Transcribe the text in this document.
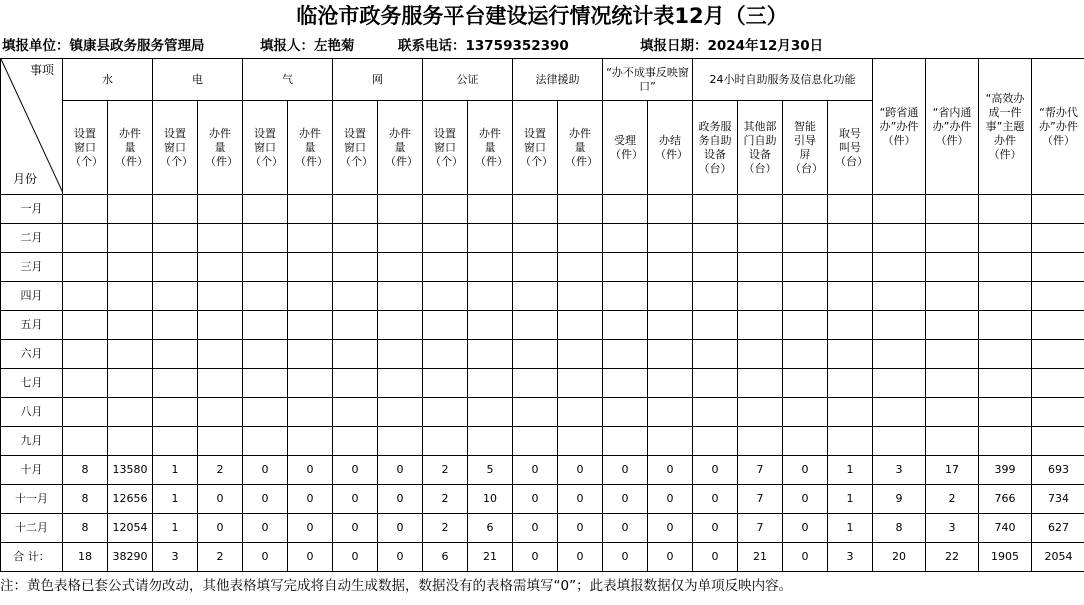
临沧市政务服务平台建设运行情况统计表12月（三）
填报单位：镇康县政务服务管理局	填报人：左艳菊	联系电话：13759352390	填报日期：2024年12月30日
事项
月份	水		电		气		网		公证		法律援助		“办不成事反映窗口”		24小时自助服务及信息化功能				“跨省通办”办件（件）	“省内通办”办件（件）	“高效办成一件事”主题办件（件）	“帮办代办”办件（件）
	设置窗口（个）	办件量（件）	设置窗口（个）	办件量（件）	设置窗口（个）	办件量（件）	设置窗口（个）	办件量（件）	设置窗口（个）	办件量（件）	设置窗口（个）	办件量（件）	受理（件）	办结（件）	政务服务自助设备（台）	其他部门自助设备（台）	智能引导屏（台）	取号叫号（台）				
一月																						
二月																						
三月																						
四月																						
五月																						
六月																						
七月																						
八月																						
九月																						
十月	8	13580	1	2	0	0	0	0	2	5	0	0	0	0	0	7	0	1	3	17	399	693
十一月	8	12656	1	0	0	0	0	0	2	10	0	0	0	0	0	7	0	1	9	2	766	734
十二月	8	12054	1	0	0	0	0	0	2	6	0	0	0	0	0	7	0	1	8	3	740	627
合 计：	18	38290	3	2	0	0	0	0	6	21	0	0	0	0	0	21	0	3	20	22	1905	2054
注：黄色表格已套公式请勿改动，其他表格填写完成将自动生成数据，数据没有的表格需填写“0”；此表填报数据仅为单项反映内容。
